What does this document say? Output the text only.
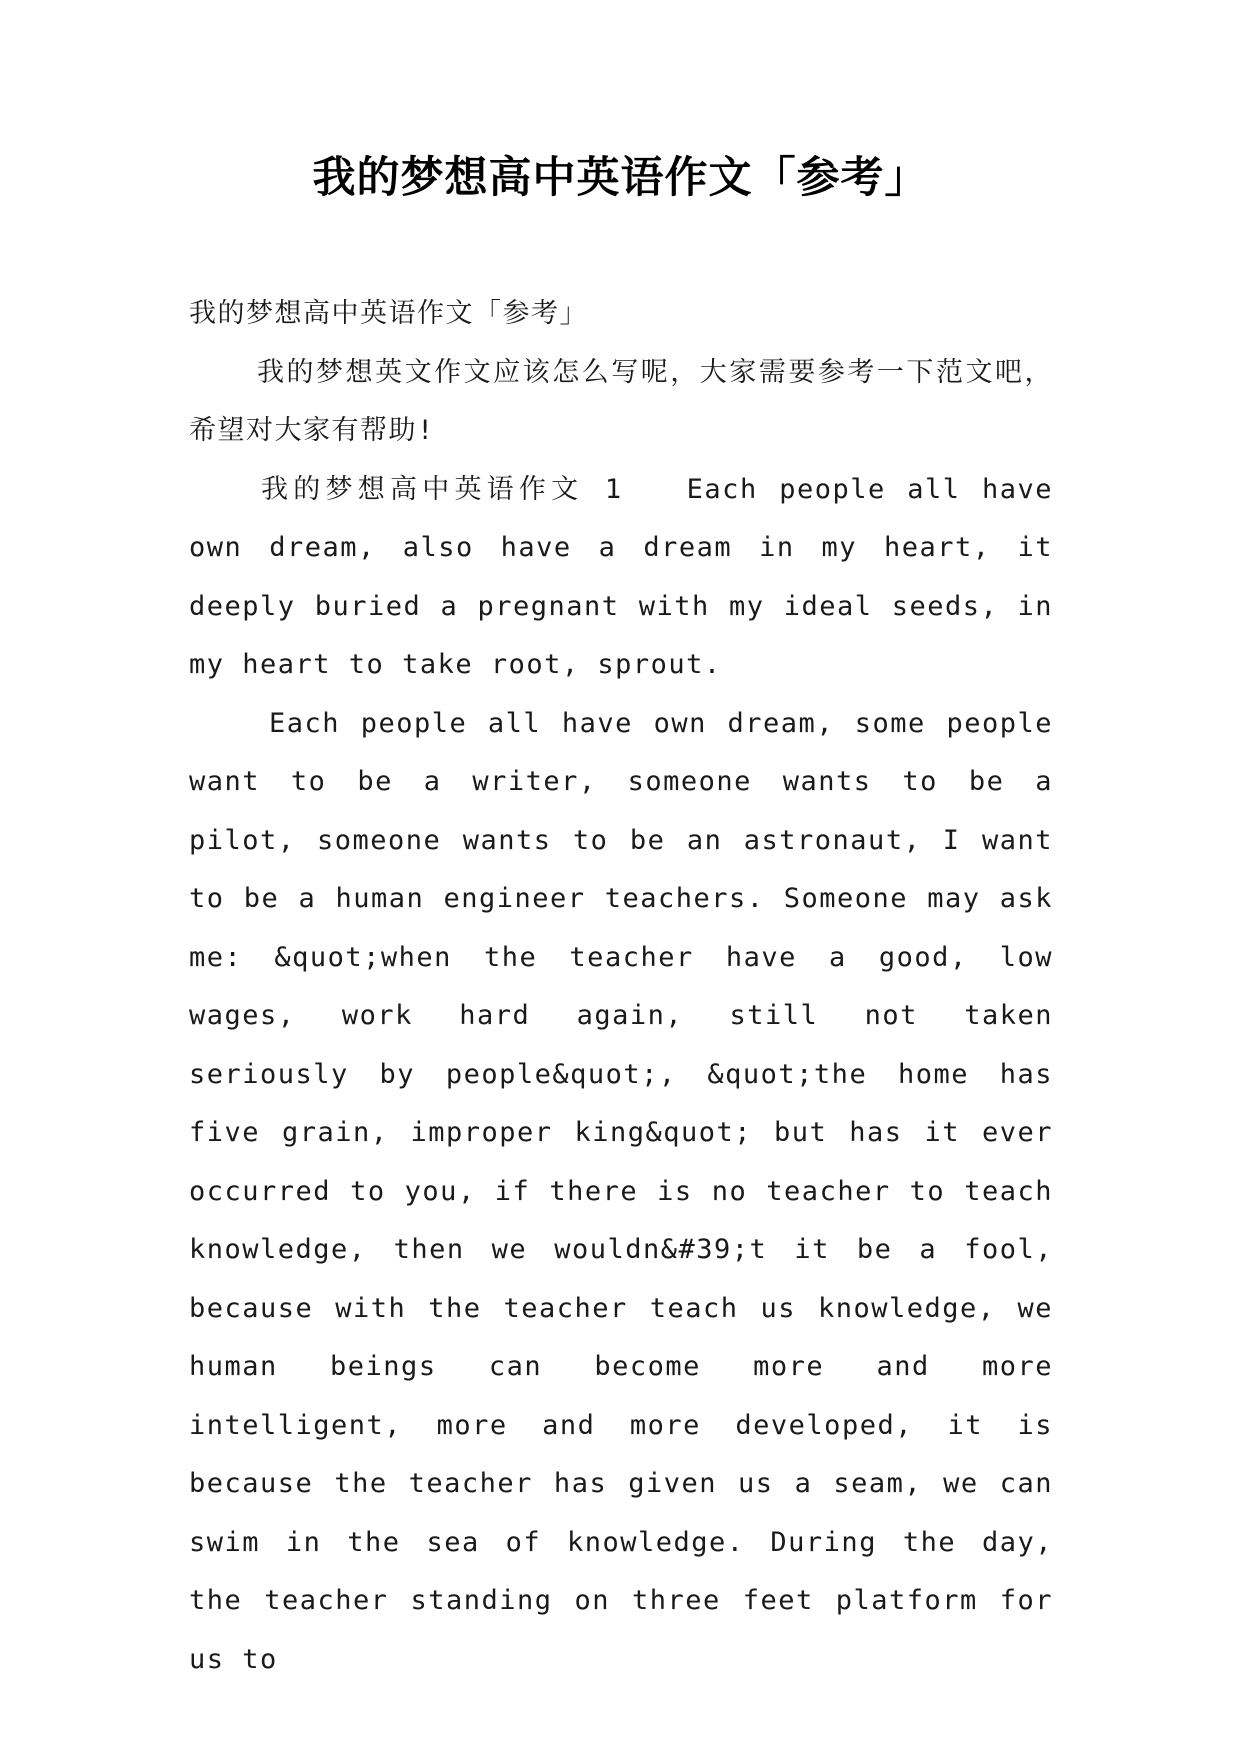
我的梦想高中英语作文「参考」

我的梦想高中英语作文「参考」

我的梦想英文作文应该怎么写呢，大家需要参考一下范文吧，希望对大家有帮助!

我的梦想高中英语作文 1 Each people all have own dream, also have a dream in my heart, it deeply buried a pregnant with my ideal seeds, in my heart to take root, sprout.

Each people all have own dream, some people want to be a writer, someone wants to be a pilot, someone wants to be an astronaut, I want to be a human engineer teachers. Someone may ask me: &quot;when the teacher have a good, low wages, work hard again, still not taken seriously by people&quot;, &quot;the home has five grain, improper king&quot; but has it ever occurred to you, if there is no teacher to teach knowledge, then we wouldn&#39;t it be a fool, because with the teacher teach us knowledge, we human beings can become more and more intelligent, more and more developed, it is because the teacher has given us a seam, we can swim in the sea of knowledge. During the day, the teacher standing on three feet platform for us to
